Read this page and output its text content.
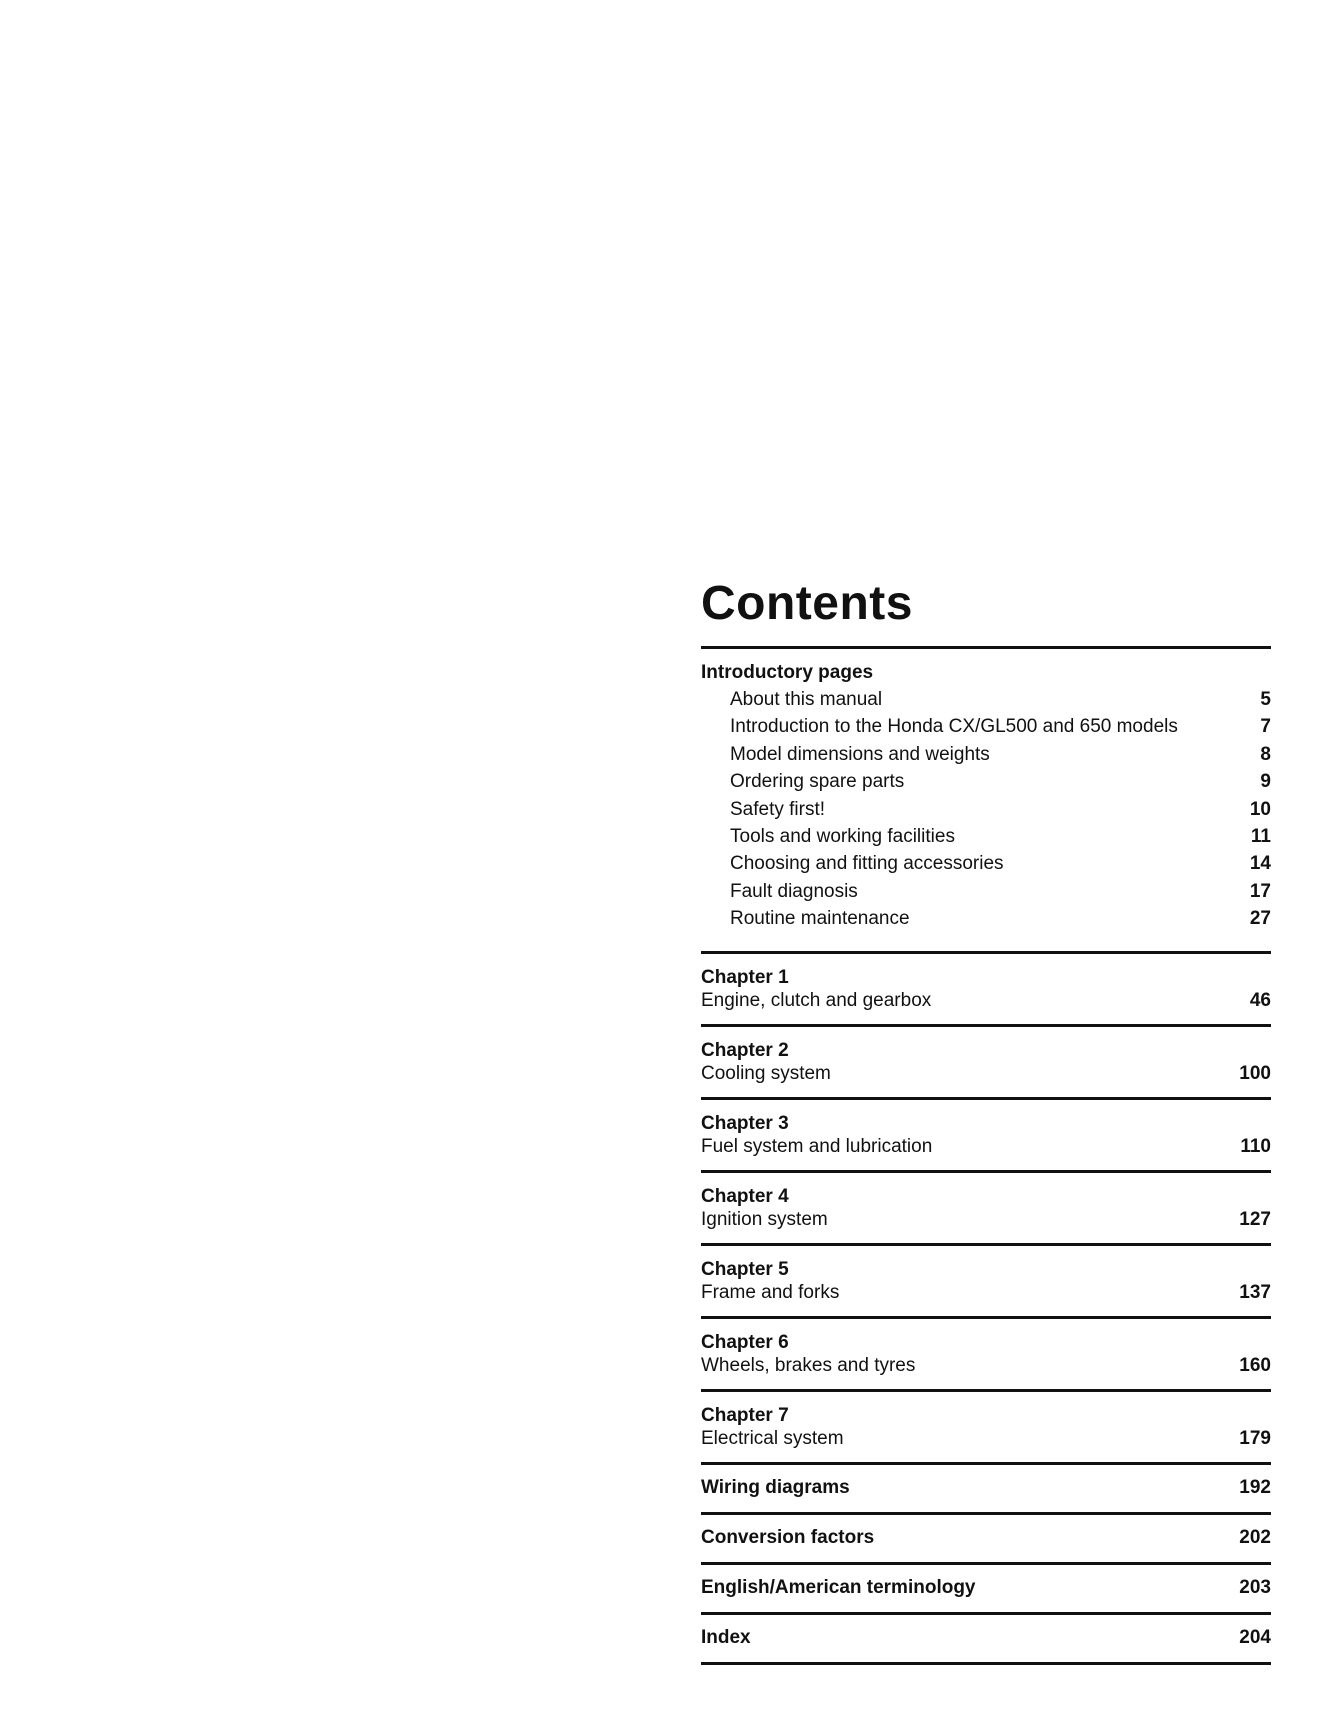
Contents
Introductory pages
About this manual	5
Introduction to the Honda CX/GL500 and 650 models	7
Model dimensions and weights	8
Ordering spare parts	9
Safety first!	10
Tools and working facilities	11
Choosing and fitting accessories	14
Fault diagnosis	17
Routine maintenance	27
Chapter 1
Engine, clutch and gearbox	46
Chapter 2
Cooling system	100
Chapter 3
Fuel system and lubrication	110
Chapter 4
Ignition system	127
Chapter 5
Frame and forks	137
Chapter 6
Wheels, brakes and tyres	160
Chapter 7
Electrical system	179
Wiring diagrams	192
Conversion factors	202
English/American terminology	203
Index	204
